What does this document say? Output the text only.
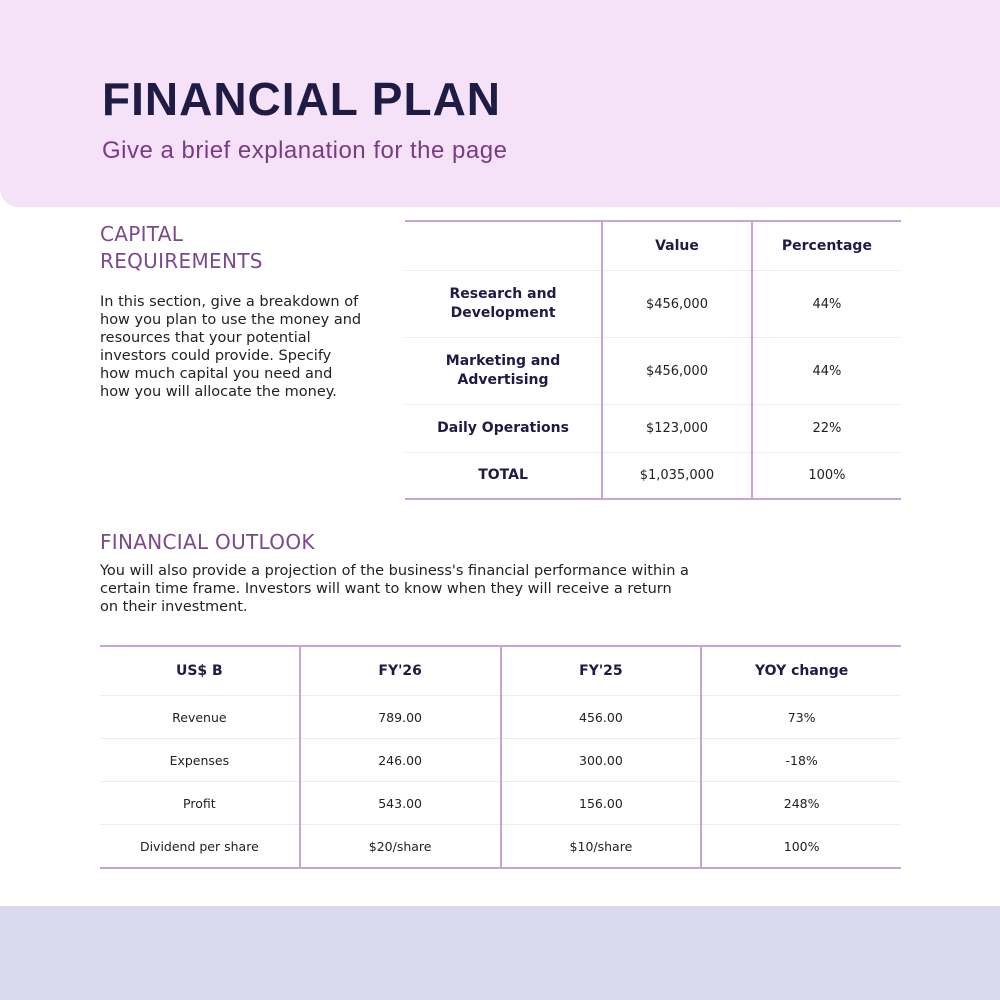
FINANCIAL PLAN
Give a brief explanation for the page
CAPITAL
REQUIREMENTS
In this section, give a breakdown of how you plan to use the money and resources that your potential investors could provide. Specify how much capital you need and how you will allocate the money.
	Value	Percentage
Research and Development	$456,000	44%
Marketing and Advertising	$456,000	44%
Daily Operations	$123,000	22%
TOTAL	$1,035,000	100%
FINANCIAL OUTLOOK
You will also provide a projection of the business's financial performance within a certain time frame. Investors will want to know when they will receive a return on their investment.
US$ B	FY'26	FY'25	YOY change
Revenue	789.00	456.00	73%
Expenses	246.00	300.00	-18%
Profit	543.00	156.00	248%
Dividend per share	$20/share	$10/share	100%
